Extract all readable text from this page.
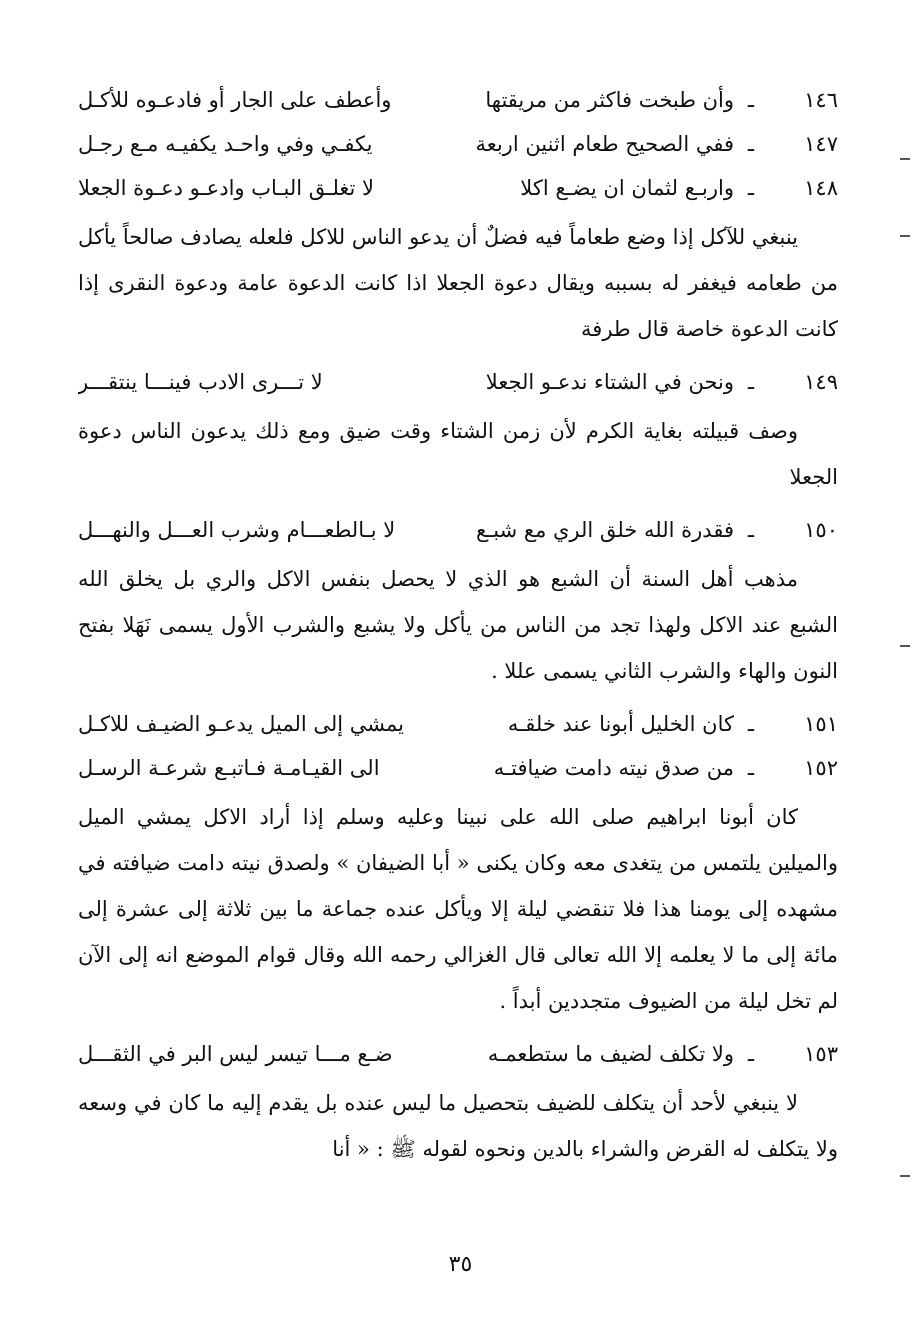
١٤٦
ـ
وأن طبخت فاكثر من مريقتها
وأعطف على الجار أو فادعـوه للأكـل
١٤٧
ـ
ففي الصحيح طعام اثنين اربعة
يكفـي وفي واحـد يكفيـه مـع رجـل
١٤٨
ـ
واربـع لثمان ان يضـع اكلا
لا تغلـق البـاب وادعـو دعـوة الجعلا

ينبغي للآكل إذا وضع طعاماً فيه فضلٌ أن يدعو الناس للاكل فلعله يصادف صالحاً يأكل من طعامه فيغفر له بسببه ويقال دعوة الجعلا اذا كانت الدعوة عامة ودعوة النقرى إذا كانت الدعوة خاصة قال طرفة

١٤٩
ـ
ونحن في الشتاء ندعـو الجعلا
لا تـــرى الادب فينـــا ينتقـــر

وصف قبيلته بغاية الكرم لأن زمن الشتاء وقت ضيق ومع ذلك يدعون الناس دعوة الجعلا

١٥٠
ـ
فقدرة الله خلق الري مع شبـع
لا بـالطعـــام وشرب العـــل والنهـــل

مذهب أهل السنة أن الشبع هو الذي لا يحصل بنفس الاكل والري بل يخلق الله الشبع عند الاكل ولهذا تجد من الناس من يأكل ولا يشبع والشرب الأول يسمى نَهَلا بفتح النون والهاء والشرب الثاني يسمى عللا .

١٥١
ـ
كان الخليل أبونا عند خلقـه
يمشي إلى الميل يدعـو الضيـف للاكـل
١٥٢
ـ
من صدق نيته دامت ضيافتـه
الى القيـامـة فـاتبـع شرعـة الرسـل

كان أبونا ابراهيم صلى الله على نبينا وعليه وسلم إذا أراد الاكل يمشي الميل والميلين يلتمس من يتغدى معه وكان يكنى « أبا الضيفان » ولصدق نيته دامت ضيافته في مشهده إلى يومنا هذا فلا تنقضي ليلة إلا ويأكل عنده جماعة ما بين ثلاثة إلى عشرة إلى مائة إلى ما لا يعلمه إلا الله تعالى قال الغزالي رحمه الله وقال قوام الموضع انه إلى الآن لم تخل ليلة من الضيوف متجددين أبداً .

١٥٣
ـ
ولا تكلف لضيف ما ستطعمـه
ضـع مـــا تيسر ليس البر في الثقـــل

لا ينبغي لأحد أن يتكلف للضيف بتحصيل ما ليس عنده بل يقدم إليه ما كان في وسعه ولا يتكلف له القرض والشراء بالدين ونحوه لقوله ﷺ : « أنا

٣٥
